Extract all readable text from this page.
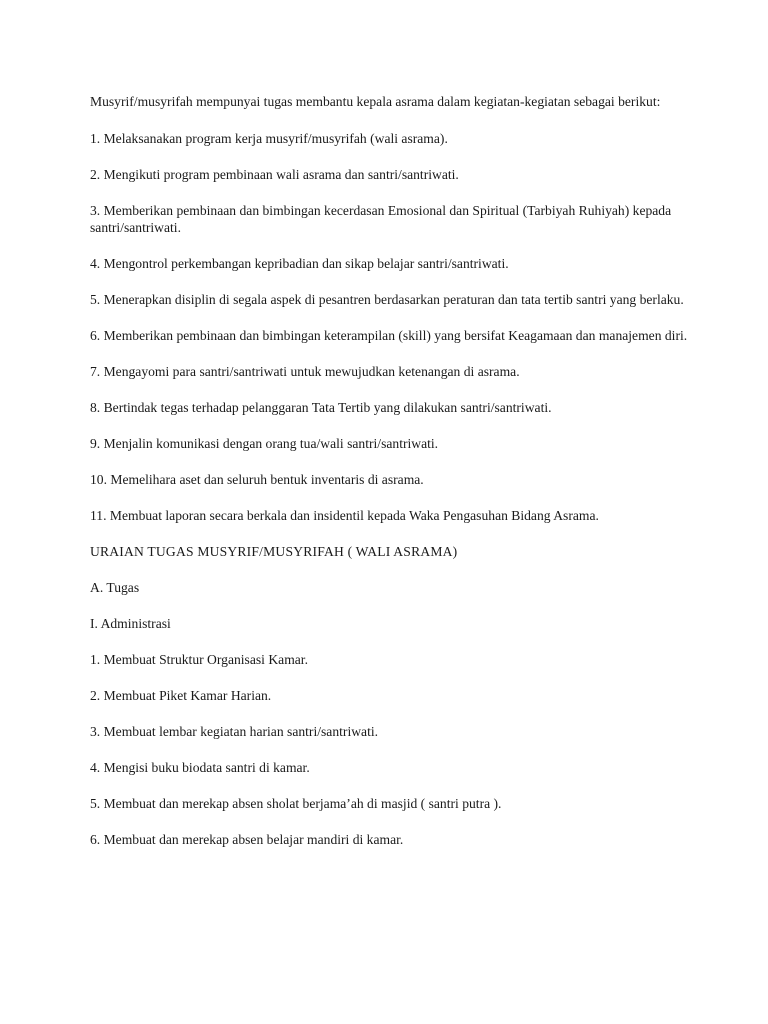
Musyrif/musyrifah mempunyai tugas membantu kepala asrama dalam kegiatan-kegiatan sebagai berikut:

1. Melaksanakan program kerja musyrif/musyrifah (wali asrama).

2. Mengikuti program pembinaan wali asrama dan santri/santriwati.

3. Memberikan pembinaan dan bimbingan kecerdasan Emosional dan Spiritual (Tarbiyah Ruhiyah) kepada santri/santriwati.

4. Mengontrol perkembangan kepribadian dan sikap belajar santri/santriwati.

5. Menerapkan disiplin di segala aspek di pesantren berdasarkan peraturan dan tata tertib santri yang berlaku.

6. Memberikan pembinaan dan bimbingan keterampilan (skill) yang bersifat Keagamaan dan manajemen diri.

7. Mengayomi para santri/santriwati untuk mewujudkan ketenangan di asrama.

8. Bertindak tegas terhadap pelanggaran Tata Tertib yang dilakukan santri/santriwati.

9. Menjalin komunikasi dengan orang tua/wali santri/santriwati.

10. Memelihara aset dan seluruh bentuk inventaris di asrama.

11. Membuat laporan secara berkala dan insidentil kepada Waka Pengasuhan Bidang Asrama.

URAIAN TUGAS MUSYRIF/MUSYRIFAH ( WALI ASRAMA)

A. Tugas

I. Administrasi

1. Membuat Struktur Organisasi Kamar.

2. Membuat Piket Kamar Harian.

3. Membuat lembar kegiatan harian santri/santriwati.

4. Mengisi buku biodata santri di kamar.

5. Membuat dan merekap absen sholat berjama’ah di masjid ( santri putra ).

6. Membuat dan merekap absen belajar mandiri di kamar.
